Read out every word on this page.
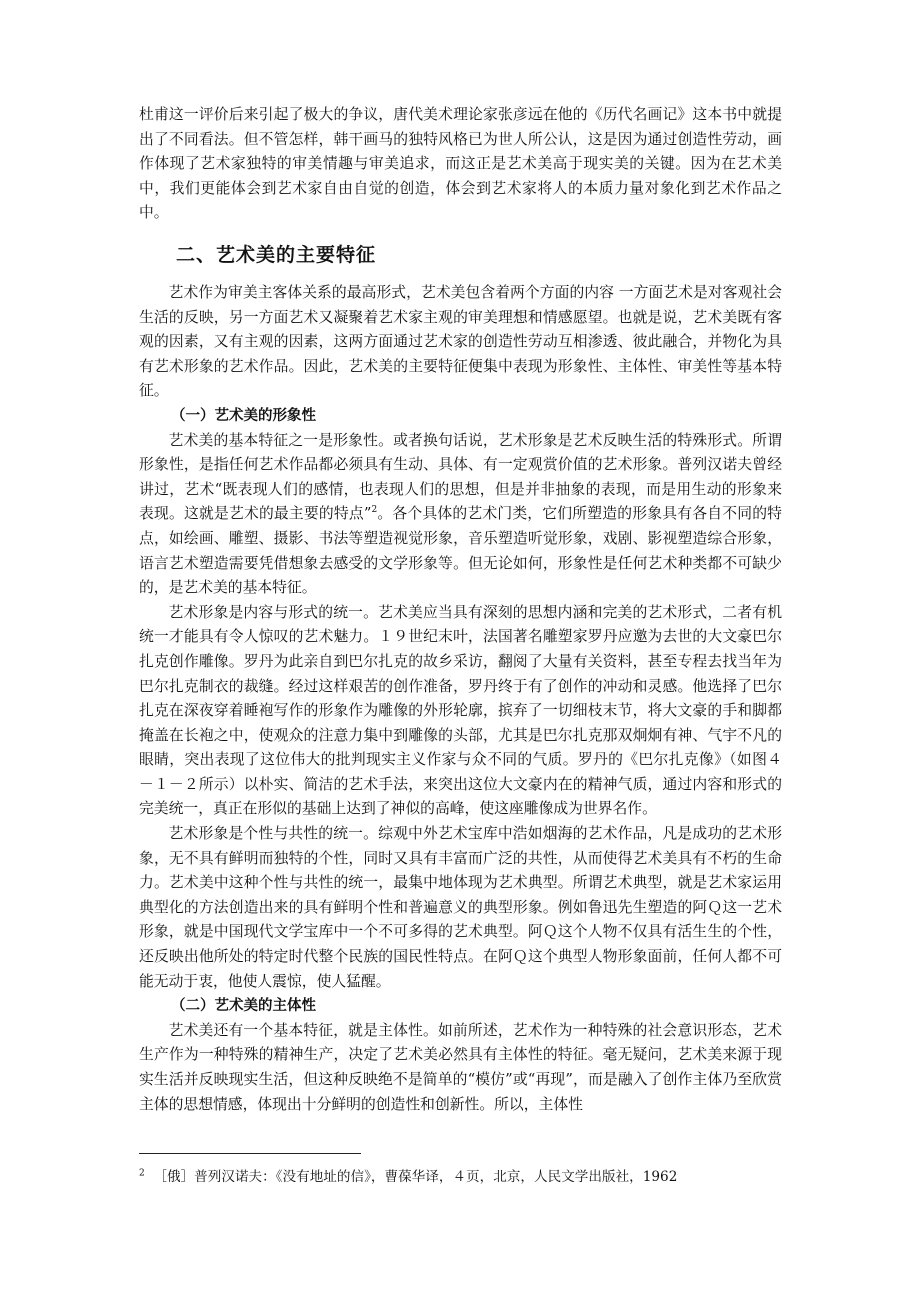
杜甫这一评价后来引起了极大的争议，唐代美术理论家张彦远在他的《历代名画记》这本书中就提出了不同看法。但不管怎样，韩干画马的独特风格已为世人所公认，这是因为通过创造性劳动，画作体现了艺术家独特的审美情趣与审美追求，而这正是艺术美高于现实美的关键。因为在艺术美中，我们更能体会到艺术家自由自觉的创造，体会到艺术家将人的本质力量对象化到艺术作品之中。

二、艺术美的主要特征

艺术作为审美主客体关系的最高形式，艺术美包含着两个方面的内容 一方面艺术是对客观社会生活的反映，另一方面艺术又凝聚着艺术家主观的审美理想和情感愿望。也就是说，艺术美既有客观的因素，又有主观的因素，这两方面通过艺术家的创造性劳动互相渗透、彼此融合，并物化为具有艺术形象的艺术作品。因此，艺术美的主要特征便集中表现为形象性、主体性、审美性等基本特征。

（一）艺术美的形象性

艺术美的基本特征之一是形象性。或者换句话说，艺术形象是艺术反映生活的特殊形式。所谓形象性，是指任何艺术作品都必须具有生动、具体、有一定观赏价值的艺术形象。普列汉诺夫曾经讲过，艺术“既表现人们的感情，也表现人们的思想，但是并非抽象的表现，而是用生动的形象来表现。这就是艺术的最主要的特点”$^2$。各个具体的艺术门类，它们所塑造的形象具有各自不同的特点，如绘画、雕塑、摄影、书法等塑造视觉形象，音乐塑造听觉形象，戏剧、影视塑造综合形象，语言艺术塑造需要凭借想象去感受的文学形象等。但无论如何，形象性是任何艺术种类都不可缺少的，是艺术美的基本特征。

艺术形象是内容与形式的统一。艺术美应当具有深刻的思想内涵和完美的艺术形式，二者有机统一才能具有令人惊叹的艺术魅力。１９世纪末叶，法国著名雕塑家罗丹应邀为去世的大文豪巴尔扎克创作雕像。罗丹为此亲自到巴尔扎克的故乡采访，翻阅了大量有关资料，甚至专程去找当年为巴尔扎克制衣的裁缝。经过这样艰苦的创作准备，罗丹终于有了创作的冲动和灵感。他选择了巴尔扎克在深夜穿着睡袍写作的形象作为雕像的外形轮廓，摈弃了一切细枝末节，将大文豪的手和脚都掩盖在长袍之中，使观众的注意力集中到雕像的头部，尤其是巴尔扎克那双炯炯有神、气宇不凡的眼睛，突出表现了这位伟大的批判现实主义作家与众不同的气质。罗丹的《巴尔扎克像》（如图４－１－２所示）以朴实、简洁的艺术手法，来突出这位大文豪内在的精神气质，通过内容和形式的完美统一，真正在形似的基础上达到了神似的高峰，使这座雕像成为世界名作。

艺术形象是个性与共性的统一。综观中外艺术宝库中浩如烟海的艺术作品，凡是成功的艺术形象，无不具有鲜明而独特的个性，同时又具有丰富而广泛的共性，从而使得艺术美具有不朽的生命力。艺术美中这种个性与共性的统一，最集中地体现为艺术典型。所谓艺术典型，就是艺术家运用典型化的方法创造出来的具有鲜明个性和普遍意义的典型形象。例如鲁迅先生塑造的阿Ｑ这一艺术形象，就是中国现代文学宝库中一个不可多得的艺术典型。阿Ｑ这个人物不仅具有活生生的个性，还反映出他所处的特定时代整个民族的国民性特点。在阿Ｑ这个典型人物形象面前，任何人都不可能无动于衷，他使人震惊，使人猛醒。

（二）艺术美的主体性

艺术美还有一个基本特征，就是主体性。如前所述，艺术作为一种特殊的社会意识形态，艺术生产作为一种特殊的精神生产，决定了艺术美必然具有主体性的特征。毫无疑问，艺术美来源于现实生活并反映现实生活，但这种反映绝不是简单的“模仿”或“再现”，而是融入了创作主体乃至欣赏主体的思想情感，体现出十分鲜明的创造性和创新性。所以，主体性

$^2$ ［俄］普列汉诺夫：《没有地址的信》，曹葆华译，４页，北京，人民文学出版社，1962
